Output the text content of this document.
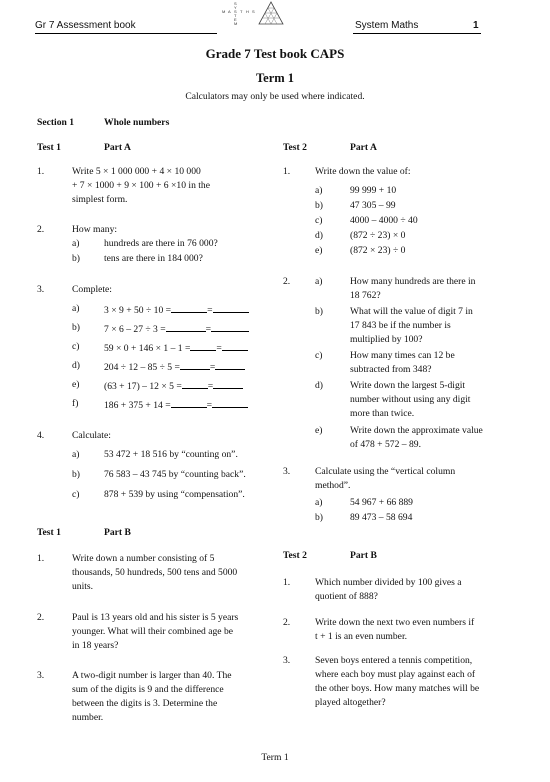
Gr 7 Assessment book	System Maths	1
S
Y
S
T
E
M
M A T H S
Grade 7 Test book CAPS
Term 1
Calculators may only be used where indicated.
Section 1	Whole numbers
Test 1	Part A
1.	Write 5 × 1 000 000 + 4 × 10 000
+ 7 × 1000 + 9 × 100 + 6 ×10 in the
simplest form.
2.	How many:
a)	hundreds are there in 76 000?
b)	tens are there in 184 000?
3.	Complete:
a)	3 × 9 + 50 ÷ 10 =	=
b)	7 × 6 – 27 ÷ 3 =	=
c)	59 × 0 + 146 × 1 – 1 =	=
d)	204 ÷ 12 – 85 ÷ 5 =	=
e)	(63 + 17) – 12 × 5 =	=
f)	186 + 375 + 14 =	=
4.	Calculate:
a)	53 472 + 18 516 by “counting on”.
b)	76 583 – 43 745 by “counting back”.
c)	878 + 539 by using “compensation”.
Test 1	Part B
1.	Write down a number consisting of 5
thousands, 50 hundreds, 500 tens and 5000
units.
2.	Paul is 13 years old and his sister is 5 years
younger. What will their combined age be
in 18 years?
3.	A two-digit number is larger than 40. The
sum of the digits is 9 and the difference
between the digits is 3. Determine the
number.
Test 2	Part A
1.	Write down the value of:
a)	99 999 + 10
b)	47 305 – 99
c)	4000 – 4000 ÷ 40
d)	(872 ÷ 23) × 0
e)	(872 × 23) ÷ 0
2.	a)	How many hundreds are there in
18 762?
b)	What will the value of digit 7 in
17 843 be if the number is
multiplied by 100?
c)	How many times can 12 be
subtracted from 348?
d)	Write down the largest 5-digit
number without using any digit
more than twice.
e)	Write down the approximate value
of 478 + 572 – 89.
3.	Calculate using the “vertical column
method”.
a)	54 967 + 66 889
b)	89 473 – 58 694
Test 2	Part B
1.	Which number divided by 100 gives a
quotient of 888?
2.	Write down the next two even numbers if
t + 1 is an even number.
3.	Seven boys entered a tennis competition,
where each boy must play against each of
the other boys. How many matches will be
played altogether?
Term 1
